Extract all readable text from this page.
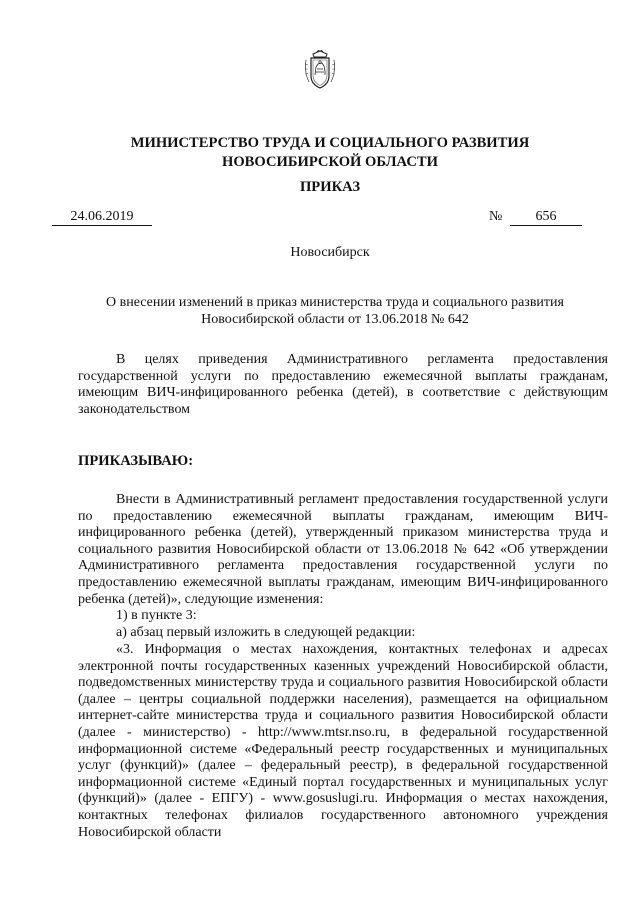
МИНИСТЕРСТВО ТРУДА И СОЦИАЛЬНОГО РАЗВИТИЯ
НОВОСИБИРСКОЙ ОБЛАСТИ
ПРИКАЗ
24.06.2019	№	656
Новосибирск
О внесении изменений в приказ министерства труда и социального развития
Новосибирской области от 13.06.2018 № 642
В целях приведения Административного регламента предоставления государственной услуги по предоставлению ежемесячной выплаты гражданам, имеющим ВИЧ-инфицированного ребенка (детей), в соответствие с действующим законодательством
ПРИКАЗЫВАЮ:
Внести в Административный регламент предоставления государственной услуги по предоставлению ежемесячной выплаты гражданам, имеющим ВИЧ-инфицированного ребенка (детей), утвержденный приказом министерства труда и социального развития Новосибирской области от 13.06.2018 № 642 «Об утверждении Административного регламента предоставления государственной услуги по предоставлению ежемесячной выплаты гражданам, имеющим ВИЧ-инфицированного ребенка (детей)», следующие изменения:
1) в пункте 3:
а) абзац первый изложить в следующей редакции:
«3. Информация о местах нахождения, контактных телефонах и адресах электронной почты государственных казенных учреждений Новосибирской области, подведомственных министерству труда и социального развития Новосибирской области (далее – центры социальной поддержки населения), размещается на официальном интернет-сайте министерства труда и социального развития Новосибирской области (далее - министерство) - http://www.mtsr.nso.ru, в федеральной государственной информационной системе «Федеральный реестр государственных и муниципальных услуг (функций)» (далее – федеральный реестр), в федеральной государственной информационной системе «Единый портал государственных и муниципальных услуг (функций)» (далее - ЕПГУ) - www.gosuslugi.ru. Информация о местах нахождения, контактных телефонах филиалов государственного автономного учреждения Новосибирской области
